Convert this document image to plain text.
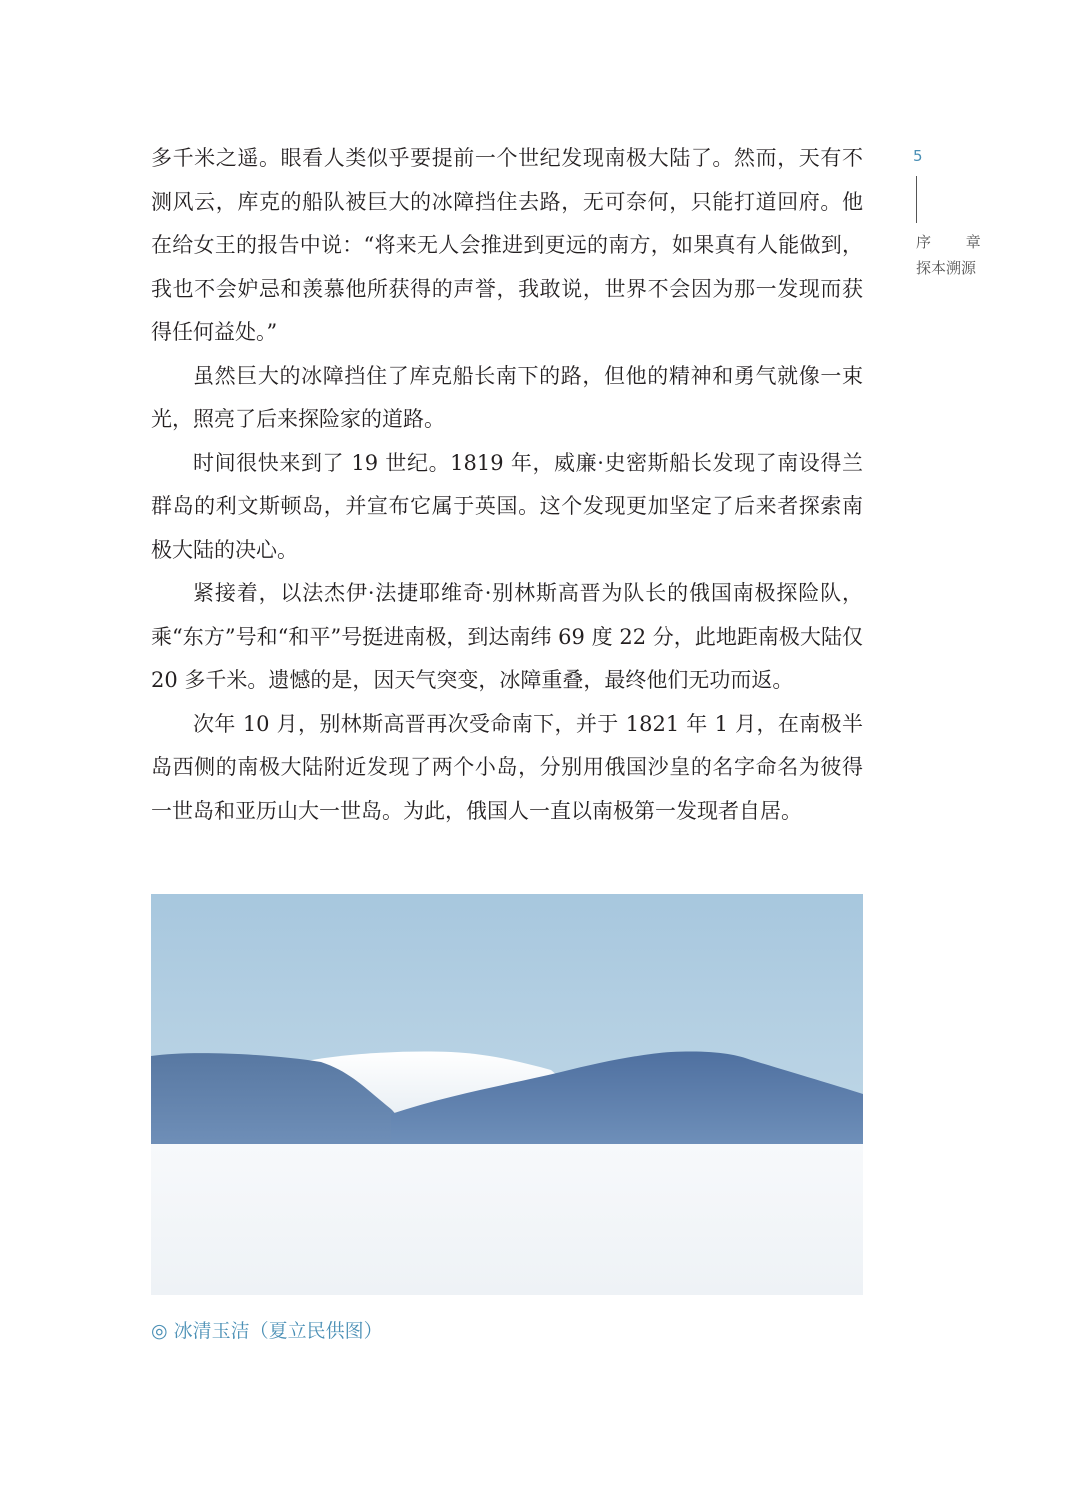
多千米之遥。眼看人类似乎要提前一个世纪发现南极大陆了。然而，天有不测风云，库克的船队被巨大的冰障挡住去路，无可奈何，只能打道回府。他在给女王的报告中说：“将来无人会推进到更远的南方，如果真有人能做到，我也不会妒忌和羡慕他所获得的声誉，我敢说，世界不会因为那一发现而获得任何益处。”

虽然巨大的冰障挡住了库克船长南下的路，但他的精神和勇气就像一束光，照亮了后来探险家的道路。

时间很快来到了 19 世纪。1819 年，威廉·史密斯船长发现了南设得兰群岛的利文斯顿岛，并宣布它属于英国。这个发现更加坚定了后来者探索南极大陆的决心。

紧接着，以法杰伊·法捷耶维奇·别林斯高晋为队长的俄国南极探险队，乘“东方”号和“和平”号挺进南极，到达南纬 69 度 22 分，此地距南极大陆仅 20 多千米。遗憾的是，因天气突变，冰障重叠，最终他们无功而返。

次年 10 月，别林斯高晋再次受命南下，并于 1821 年 1 月，在南极半岛西侧的南极大陆附近发现了两个小岛，分别用俄国沙皇的名字命名为彼得一世岛和亚历山大一世岛。为此，俄国人一直以南极第一发现者自居。

5
序 章
探本溯源
◎ 冰清玉洁（夏立民供图）
